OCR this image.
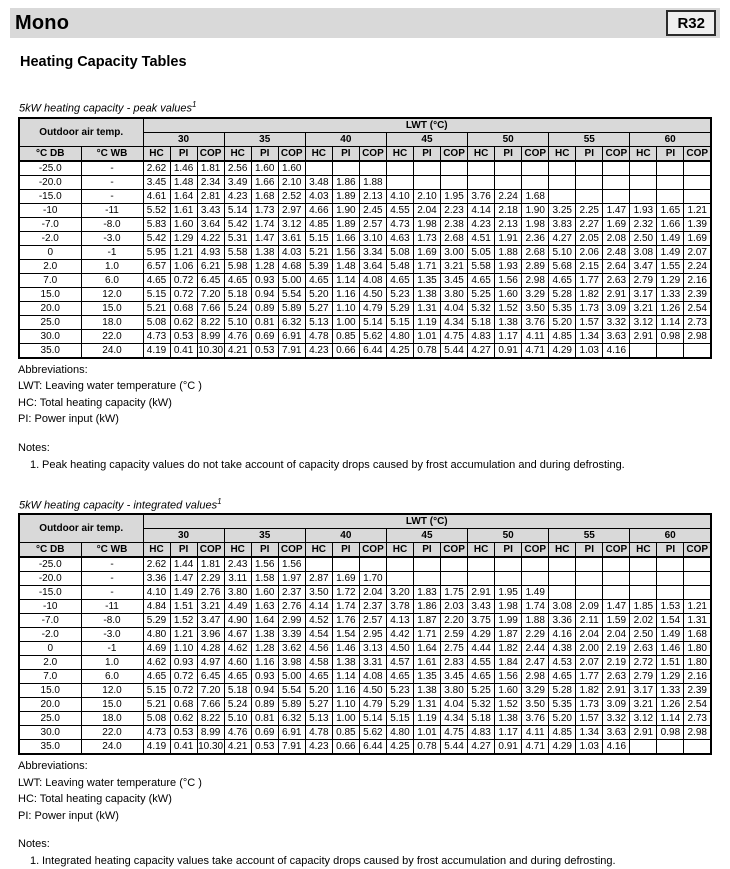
Mono	R32
Heating Capacity Tables
5kW heating capacity - peak values$^1$
Outdoor air temp.		LWT (°C)																				
		30			35			40			45			50			55			60		
°C DB	°C WB	HC	PI	COP	HC	PI	COP	HC	PI	COP	HC	PI	COP	HC	PI	COP	HC	PI	COP	HC	PI	COP
-25.0	-	2.62	1.46	1.81	2.56	1.60	1.60															
-20.0	-	3.45	1.48	2.34	3.49	1.66	2.10	3.48	1.86	1.88												
-15.0	-	4.61	1.64	2.81	4.23	1.68	2.52	4.03	1.89	2.13	4.10	2.10	1.95	3.76	2.24	1.68						
-10	-11	5.52	1.61	3.43	5.14	1.73	2.97	4.66	1.90	2.45	4.55	2.04	2.23	4.14	2.18	1.90	3.25	2.25	1.47	1.93	1.65	1.21
-7.0	-8.0	5.83	1.60	3.64	5.42	1.74	3.12	4.85	1.89	2.57	4.73	1.98	2.38	4.23	2.13	1.98	3.83	2.27	1.69	2.32	1.66	1.39
-2.0	-3.0	5.42	1.29	4.22	5.31	1.47	3.61	5.15	1.66	3.10	4.63	1.73	2.68	4.51	1.91	2.36	4.27	2.05	2.08	2.50	1.49	1.69
0	-1	5.95	1.21	4.93	5.58	1.38	4.03	5.21	1.56	3.34	5.08	1.69	3.00	5.05	1.88	2.68	5.10	2.06	2.48	3.08	1.49	2.07
2.0	1.0	6.57	1.06	6.21	5.98	1.28	4.68	5.39	1.48	3.64	5.48	1.71	3.21	5.58	1.93	2.89	5.68	2.15	2.64	3.47	1.55	2.24
7.0	6.0	4.65	0.72	6.45	4.65	0.93	5.00	4.65	1.14	4.08	4.65	1.35	3.45	4.65	1.56	2.98	4.65	1.77	2.63	2.79	1.29	2.16
15.0	12.0	5.15	0.72	7.20	5.18	0.94	5.54	5.20	1.16	4.50	5.23	1.38	3.80	5.25	1.60	3.29	5.28	1.82	2.91	3.17	1.33	2.39
20.0	15.0	5.21	0.68	7.66	5.24	0.89	5.89	5.27	1.10	4.79	5.29	1.31	4.04	5.32	1.52	3.50	5.35	1.73	3.09	3.21	1.26	2.54
25.0	18.0	5.08	0.62	8.22	5.10	0.81	6.32	5.13	1.00	5.14	5.15	1.19	4.34	5.18	1.38	3.76	5.20	1.57	3.32	3.12	1.14	2.73
30.0	22.0	4.73	0.53	8.99	4.76	0.69	6.91	4.78	0.85	5.62	4.80	1.01	4.75	4.83	1.17	4.11	4.85	1.34	3.63	2.91	0.98	2.98
35.0	24.0	4.19	0.41	10.30	4.21	0.53	7.91	4.23	0.66	6.44	4.25	0.78	5.44	4.27	0.91	4.71	4.29	1.03	4.16			
Abbreviations:
LWT: Leaving water temperature (°C )
HC: Total heating capacity (kW)
PI: Power input (kW)
Notes:
1. Peak heating capacity values do not take account of capacity drops caused by frost accumulation and during defrosting.
5kW heating capacity - integrated values$^1$
Outdoor air temp.		LWT (°C)																				
		30			35			40			45			50			55			60		
°C DB	°C WB	HC	PI	COP	HC	PI	COP	HC	PI	COP	HC	PI	COP	HC	PI	COP	HC	PI	COP	HC	PI	COP
-25.0	-	2.62	1.44	1.81	2.43	1.56	1.56															
-20.0	-	3.36	1.47	2.29	3.11	1.58	1.97	2.87	1.69	1.70												
-15.0	-	4.10	1.49	2.76	3.80	1.60	2.37	3.50	1.72	2.04	3.20	1.83	1.75	2.91	1.95	1.49						
-10	-11	4.84	1.51	3.21	4.49	1.63	2.76	4.14	1.74	2.37	3.78	1.86	2.03	3.43	1.98	1.74	3.08	2.09	1.47	1.85	1.53	1.21
-7.0	-8.0	5.29	1.52	3.47	4.90	1.64	2.99	4.52	1.76	2.57	4.13	1.87	2.20	3.75	1.99	1.88	3.36	2.11	1.59	2.02	1.54	1.31
-2.0	-3.0	4.80	1.21	3.96	4.67	1.38	3.39	4.54	1.54	2.95	4.42	1.71	2.59	4.29	1.87	2.29	4.16	2.04	2.04	2.50	1.49	1.68
0	-1	4.69	1.10	4.28	4.62	1.28	3.62	4.56	1.46	3.13	4.50	1.64	2.75	4.44	1.82	2.44	4.38	2.00	2.19	2.63	1.46	1.80
2.0	1.0	4.62	0.93	4.97	4.60	1.16	3.98	4.58	1.38	3.31	4.57	1.61	2.83	4.55	1.84	2.47	4.53	2.07	2.19	2.72	1.51	1.80
7.0	6.0	4.65	0.72	6.45	4.65	0.93	5.00	4.65	1.14	4.08	4.65	1.35	3.45	4.65	1.56	2.98	4.65	1.77	2.63	2.79	1.29	2.16
15.0	12.0	5.15	0.72	7.20	5.18	0.94	5.54	5.20	1.16	4.50	5.23	1.38	3.80	5.25	1.60	3.29	5.28	1.82	2.91	3.17	1.33	2.39
20.0	15.0	5.21	0.68	7.66	5.24	0.89	5.89	5.27	1.10	4.79	5.29	1.31	4.04	5.32	1.52	3.50	5.35	1.73	3.09	3.21	1.26	2.54
25.0	18.0	5.08	0.62	8.22	5.10	0.81	6.32	5.13	1.00	5.14	5.15	1.19	4.34	5.18	1.38	3.76	5.20	1.57	3.32	3.12	1.14	2.73
30.0	22.0	4.73	0.53	8.99	4.76	0.69	6.91	4.78	0.85	5.62	4.80	1.01	4.75	4.83	1.17	4.11	4.85	1.34	3.63	2.91	0.98	2.98
35.0	24.0	4.19	0.41	10.30	4.21	0.53	7.91	4.23	0.66	6.44	4.25	0.78	5.44	4.27	0.91	4.71	4.29	1.03	4.16			
Abbreviations:
LWT: Leaving water temperature (°C )
HC: Total heating capacity (kW)
PI: Power input (kW)
Notes:
1. Integrated heating capacity values take account of capacity drops caused by frost accumulation and during defrosting.
